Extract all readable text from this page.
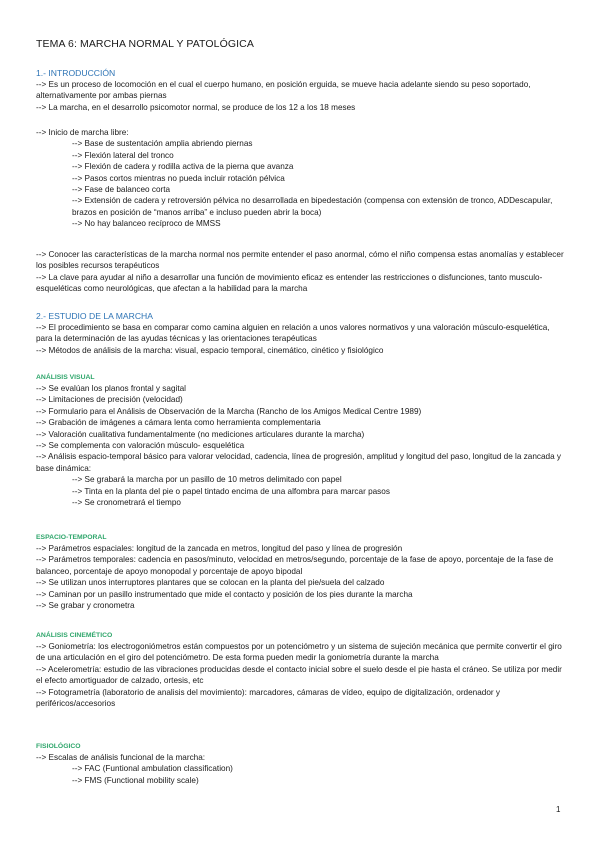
TEMA 6: MARCHA NORMAL Y PATOLÓGICA
1.- INTRODUCCIÓN

--> Es un proceso de locomoción en el cual el cuerpo humano, en posición erguida, se mueve hacia adelante siendo su peso soportado, alternativamente por ambas piernas

--> La marcha, en el desarrollo psicomotor normal, se produce de los 12 a los 18 meses

--> Inicio de marcha libre:

--> Base de sustentación amplia abriendo piernas

--> Flexión lateral del tronco

--> Flexión de cadera y rodilla activa de la pierna que avanza

--> Pasos cortos mientras no pueda incluir rotación pélvica

--> Fase de balanceo corta

--> Extensión de cadera y retroversión pélvica no desarrollada en bipedestación (compensa con extensión de tronco, ADDescapular, brazos en posición de “manos arriba” e incluso pueden abrir la boca)

--> No hay balanceo recíproco de MMSS

--> Conocer las características de la marcha normal nos permite entender el paso anormal, cómo el niño compensa estas anomalías y establecer los posibles recursos terapéuticos

--> La clave para ayudar al niño a desarrollar una función de movimiento eficaz es entender las restricciones o disfunciones, tanto musculo- esqueléticas como neurológicas, que afectan a la habilidad para la marcha

2.- ESTUDIO DE LA MARCHA

--> El procedimiento se basa en comparar como camina alguien en relación a unos valores normativos y una valoración músculo-esquelética, para la determinación de las ayudas técnicas y las orientaciones terapéuticas

--> Métodos de análisis de la marcha: visual, espacio temporal, cinemático, cinético y fisiológico

ANÁLISIS VISUAL

--> Se evalúan los planos frontal y sagital

--> Limitaciones de precisión (velocidad)

--> Formulario para el Análisis de Observación de la Marcha (Rancho de los Amigos Medical Centre 1989)

--> Grabación de imágenes a cámara lenta como herramienta complementaria

--> Valoración cualitativa fundamentalmente (no mediciones articulares durante la marcha)

--> Se complementa con valoración músculo- esquelética

--> Análisis espacio-temporal básico para valorar velocidad, cadencia, línea de progresión, amplitud y longitud del paso, longitud de la zancada y base dinámica:

--> Se grabará la marcha por un pasillo de 10 metros delimitado con papel

--> Tinta en la planta del pie o papel tintado encima de una alfombra para marcar pasos

--> Se cronometrará el tiempo

ESPACIO-TEMPORAL

--> Parámetros espaciales: longitud de la zancada en metros, longitud del paso y línea de progresión

--> Parámetros temporales: cadencia en pasos/minuto, velocidad en metros/segundo, porcentaje de la fase de apoyo, porcentaje de la fase de balanceo, porcentaje de apoyo monopodal y porcentaje de apoyo bipodal

--> Se utilizan unos interruptores plantares que se colocan en la planta del pie/suela del calzado

--> Caminan por un pasillo instrumentado que mide el contacto y posición de los pies durante la marcha

--> Se grabar y cronometra

ANÁLISIS CINEMÉTICO

--> Goniometría: los electrogoniómetros están compuestos por un potenciómetro y un sistema de sujeción mecánica que permite convertir el giro de una articulación en el giro del potenciómetro. De esta forma pueden medir la goniometría durante la marcha

--> Acelerometría: estudio de las vibraciones producidas desde el contacto inicial sobre el suelo desde el pie hasta el cráneo. Se utiliza por medir el efecto amortiguador de calzado, ortesis, etc

--> Fotogrametría (laboratorio de analisis del movimiento): marcadores, cámaras de vídeo, equipo de digitalización, ordenador y periféricos/accesorios

FISIOLÓGICO

--> Escalas de análisis funcional de la marcha:

--> FAC (Funtional ambulation classification)

--> FMS (Functional mobility scale)

1
